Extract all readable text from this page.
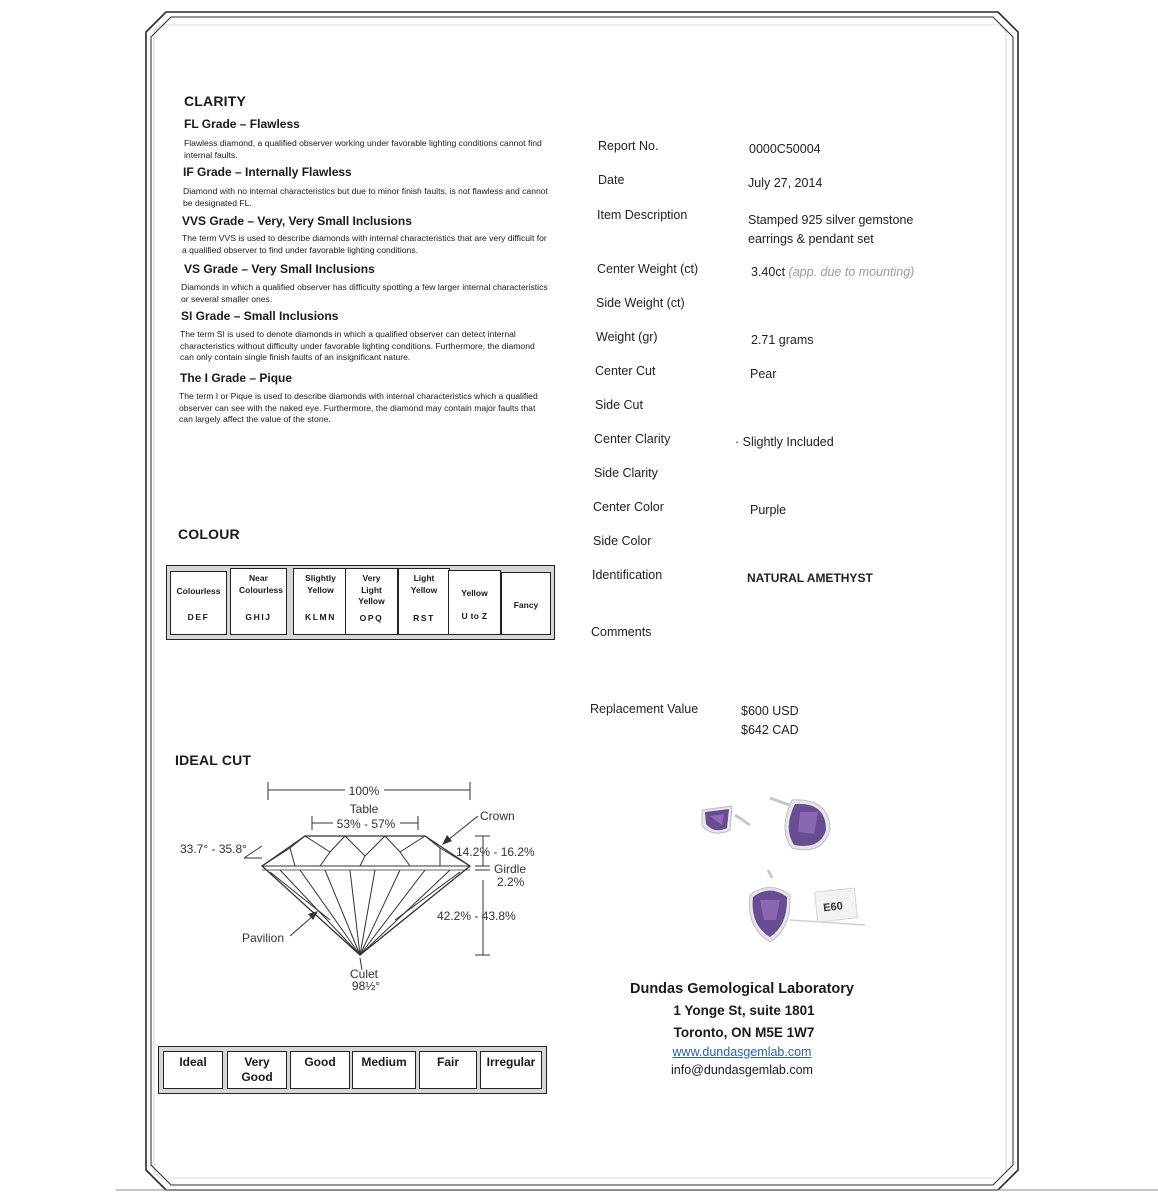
CLARITY
FL Grade – Flawless
Flawless diamond, a qualified observer working under favorable lighting conditions cannot find internal faults.
IF Grade – Internally Flawless
Diamond with no internal characteristics but due to minor finish faults, is not flawless and cannot be designated FL.
VVS Grade – Very, Very Small Inclusions
The term VVS is used to describe diamonds with internal characteristics that are very difficult for a qualified observer to find under favorable lighting conditions.
VS Grade – Very Small Inclusions
Diamonds in which a qualified observer has difficulty spotting a few larger internal characteristics or several smaller ones.
SI Grade – Small Inclusions
The term SI is used to denote diamonds in which a qualified observer can detect internal characteristics without difficulty under favorable lighting conditions. Furthermore, the diamond can only contain single finish faults of an insignificant nature.
The I Grade – Pique
The term I or Pique is used to describe diamonds with internal characteristics which a qualified observer can see with the naked eye. Furthermore, the diamond may contain major faults that can largely affect the value of the stone.
COLOUR
Colourless
DEF
Near Colourless
GHIJ
Slightly Yellow
KLMN
Very Light Yellow
OPQ
Light Yellow
RST
Yellow
U to Z
Fancy
IDEAL CUT
100%
Table
53% - 57%
Crown
33.7° - 35.8°	14.2% - 16.2%
Girdle
2.2%
42.2% - 43.8%
Pavilion
Culet
98½°
Ideal	Very Good
Good	Medium	Fair	Irregular
Report No.	0000C50004
Date	July 27, 2014
Item Description	Stamped 925 silver gemstone earrings & pendant set
Center Weight (ct)	3.40ct (app. due to mounting)
Side Weight (ct)
Weight (gr)	2.71 grams
Center Cut	Pear
Side Cut
Center Clarity	· Slightly Included
Side Clarity
Center Color	Purple
Side Color
Identification	NATURAL AMETHYST
Comments
Replacement Value	$600 USD
$642 CAD
E60
Dundas Gemological Laboratory
1 Yonge St, suite 1801
Toronto, ON M5E 1W7
www.dundasgemlab.com
info@dundasgemlab.com
